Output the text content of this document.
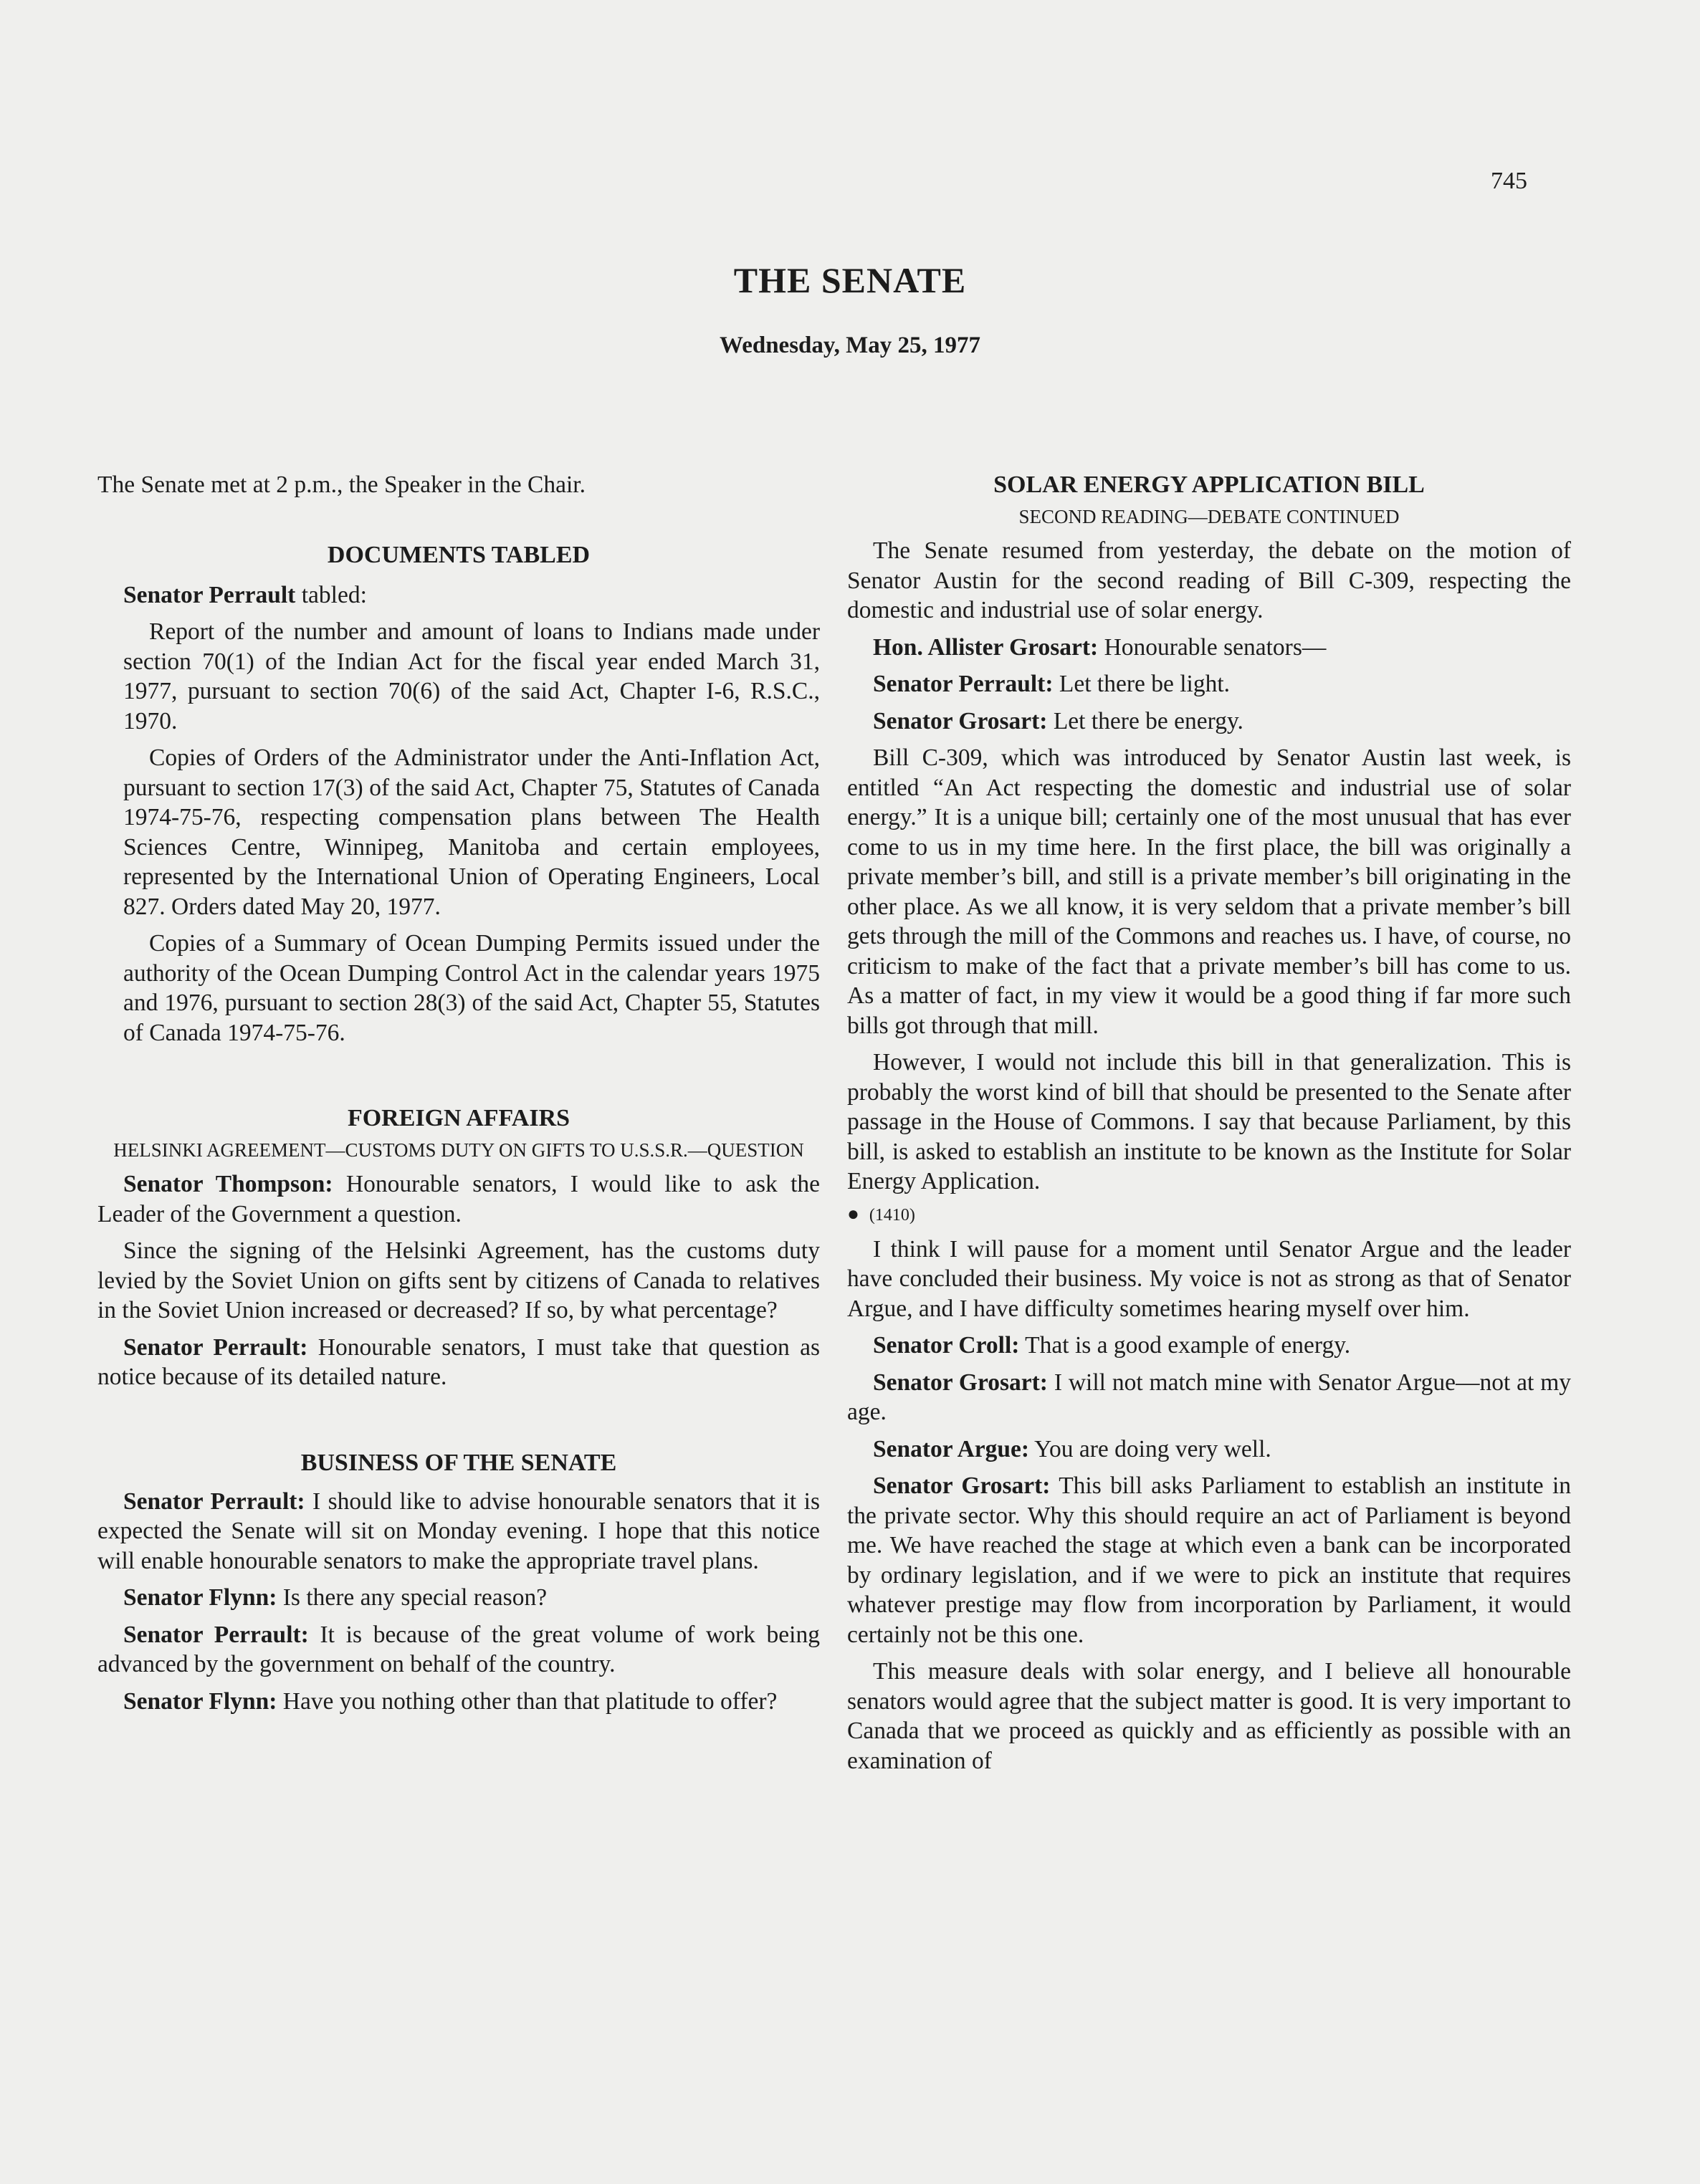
745
THE SENATE
Wednesday, May 25, 1977

The Senate met at 2 p.m., the Speaker in the Chair.

DOCUMENTS TABLED

Senator Perrault tabled:

Report of the number and amount of loans to Indians made under section 70(1) of the Indian Act for the fiscal year ended March 31, 1977, pursuant to section 70(6) of the said Act, Chapter I-6, R.S.C., 1970.

Copies of Orders of the Administrator under the Anti-Inflation Act, pursuant to section 17(3) of the said Act, Chapter 75, Statutes of Canada 1974-75-76, respecting compensation plans between The Health Sciences Centre, Winnipeg, Manitoba and certain employees, represented by the International Union of Operating Engineers, Local 827. Orders dated May 20, 1977.

Copies of a Summary of Ocean Dumping Permits issued under the authority of the Ocean Dumping Control Act in the calendar years 1975 and 1976, pursuant to section 28(3) of the said Act, Chapter 55, Statutes of Canada 1974-75-76.

FOREIGN AFFAIRS
HELSINKI AGREEMENT—CUSTOMS DUTY ON GIFTS TO U.S.S.R.—QUESTION

Senator Thompson: Honourable senators, I would like to ask the Leader of the Government a question.

Since the signing of the Helsinki Agreement, has the customs duty levied by the Soviet Union on gifts sent by citizens of Canada to relatives in the Soviet Union increased or decreased? If so, by what percentage?

Senator Perrault: Honourable senators, I must take that question as notice because of its detailed nature.

BUSINESS OF THE SENATE

Senator Perrault: I should like to advise honourable senators that it is expected the Senate will sit on Monday evening. I hope that this notice will enable honourable senators to make the appropriate travel plans.

Senator Flynn: Is there any special reason?

Senator Perrault: It is because of the great volume of work being advanced by the government on behalf of the country.

Senator Flynn: Have you nothing other than that platitude to offer?

SOLAR ENERGY APPLICATION BILL
SECOND READING—DEBATE CONTINUED

The Senate resumed from yesterday, the debate on the motion of Senator Austin for the second reading of Bill C-309, respecting the domestic and industrial use of solar energy.

Hon. Allister Grosart: Honourable senators—

Senator Perrault: Let there be light.

Senator Grosart: Let there be energy.

Bill C-309, which was introduced by Senator Austin last week, is entitled “An Act respecting the domestic and industrial use of solar energy.” It is a unique bill; certainly one of the most unusual that has ever come to us in my time here. In the first place, the bill was originally a private member’s bill, and still is a private member’s bill originating in the other place. As we all know, it is very seldom that a private member’s bill gets through the mill of the Commons and reaches us. I have, of course, no criticism to make of the fact that a private member’s bill has come to us. As a matter of fact, in my view it would be a good thing if far more such bills got through that mill.

However, I would not include this bill in that generalization. This is probably the worst kind of bill that should be presented to the Senate after passage in the House of Commons. I say that because Parliament, by this bill, is asked to establish an institute to be known as the Institute for Solar Energy Application.

● (1410)

I think I will pause for a moment until Senator Argue and the leader have concluded their business. My voice is not as strong as that of Senator Argue, and I have difficulty sometimes hearing myself over him.

Senator Croll: That is a good example of energy.

Senator Grosart: I will not match mine with Senator Argue—not at my age.

Senator Argue: You are doing very well.

Senator Grosart: This bill asks Parliament to establish an institute in the private sector. Why this should require an act of Parliament is beyond me. We have reached the stage at which even a bank can be incorporated by ordinary legislation, and if we were to pick an institute that requires whatever prestige may flow from incorporation by Parliament, it would certainly not be this one.

This measure deals with solar energy, and I believe all honourable senators would agree that the subject matter is good. It is very important to Canada that we proceed as quickly and as efficiently as possible with an examination of
